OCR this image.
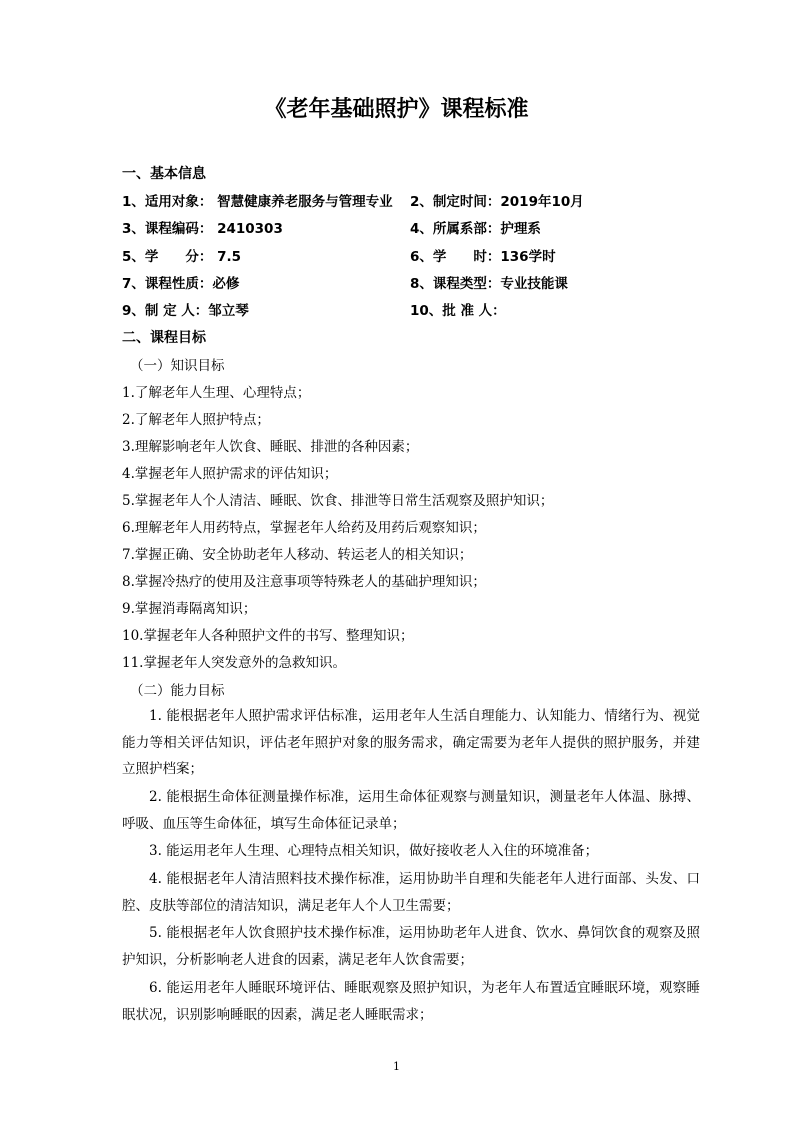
《老年基础照护》课程标准
一、基本信息
1、适用对象： 智慧健康养老服务与管理专业 2、制定时间：2019年10月
3、课程编码： 2410303	4、所属系部：护理系
5、学　　分： 7.5	6、学　　时：136学时
7、课程性质：必修	8、课程类型：专业技能课
9、制 定 人：邹立琴	10、批 准 人：
二、课程目标
（一）知识目标
1.了解老年人生理、心理特点；
2.了解老年人照护特点；
3.理解影响老年人饮食、睡眠、排泄的各种因素；
4.掌握老年人照护需求的评估知识；
5.掌握老年人个人清洁、睡眠、饮食、排泄等日常生活观察及照护知识；
6.理解老年人用药特点，掌握老年人给药及用药后观察知识；
7.掌握正确、安全协助老年人移动、转运老人的相关知识；
8.掌握冷热疗的使用及注意事项等特殊老人的基础护理知识；
9.掌握消毒隔离知识；
10.掌握老年人各种照护文件的书写、整理知识；
11.掌握老年人突发意外的急救知识。
（二）能力目标
1. 能根据老年人照护需求评估标准，运用老年人生活自理能力、认知能力、情绪行为、视觉能力等相关评估知识，评估老年照护对象的服务需求，确定需要为老年人提供的照护服务，并建立照护档案；
2. 能根据生命体征测量操作标准，运用生命体征观察与测量知识，测量老年人体温、脉搏、呼吸、血压等生命体征，填写生命体征记录单；
3. 能运用老年人生理、心理特点相关知识，做好接收老人入住的环境准备；
4. 能根据老年人清洁照料技术操作标准，运用协助半自理和失能老年人进行面部、头发、口腔、皮肤等部位的清洁知识，满足老年人个人卫生需要；
5. 能根据老年人饮食照护技术操作标准，运用协助老年人进食、饮水、鼻饲饮食的观察及照护知识，分析影响老人进食的因素，满足老年人饮食需要；
6. 能运用老年人睡眠环境评估、睡眠观察及照护知识，为老年人布置适宜睡眠环境，观察睡眠状况，识别影响睡眠的因素，满足老人睡眠需求；
1
